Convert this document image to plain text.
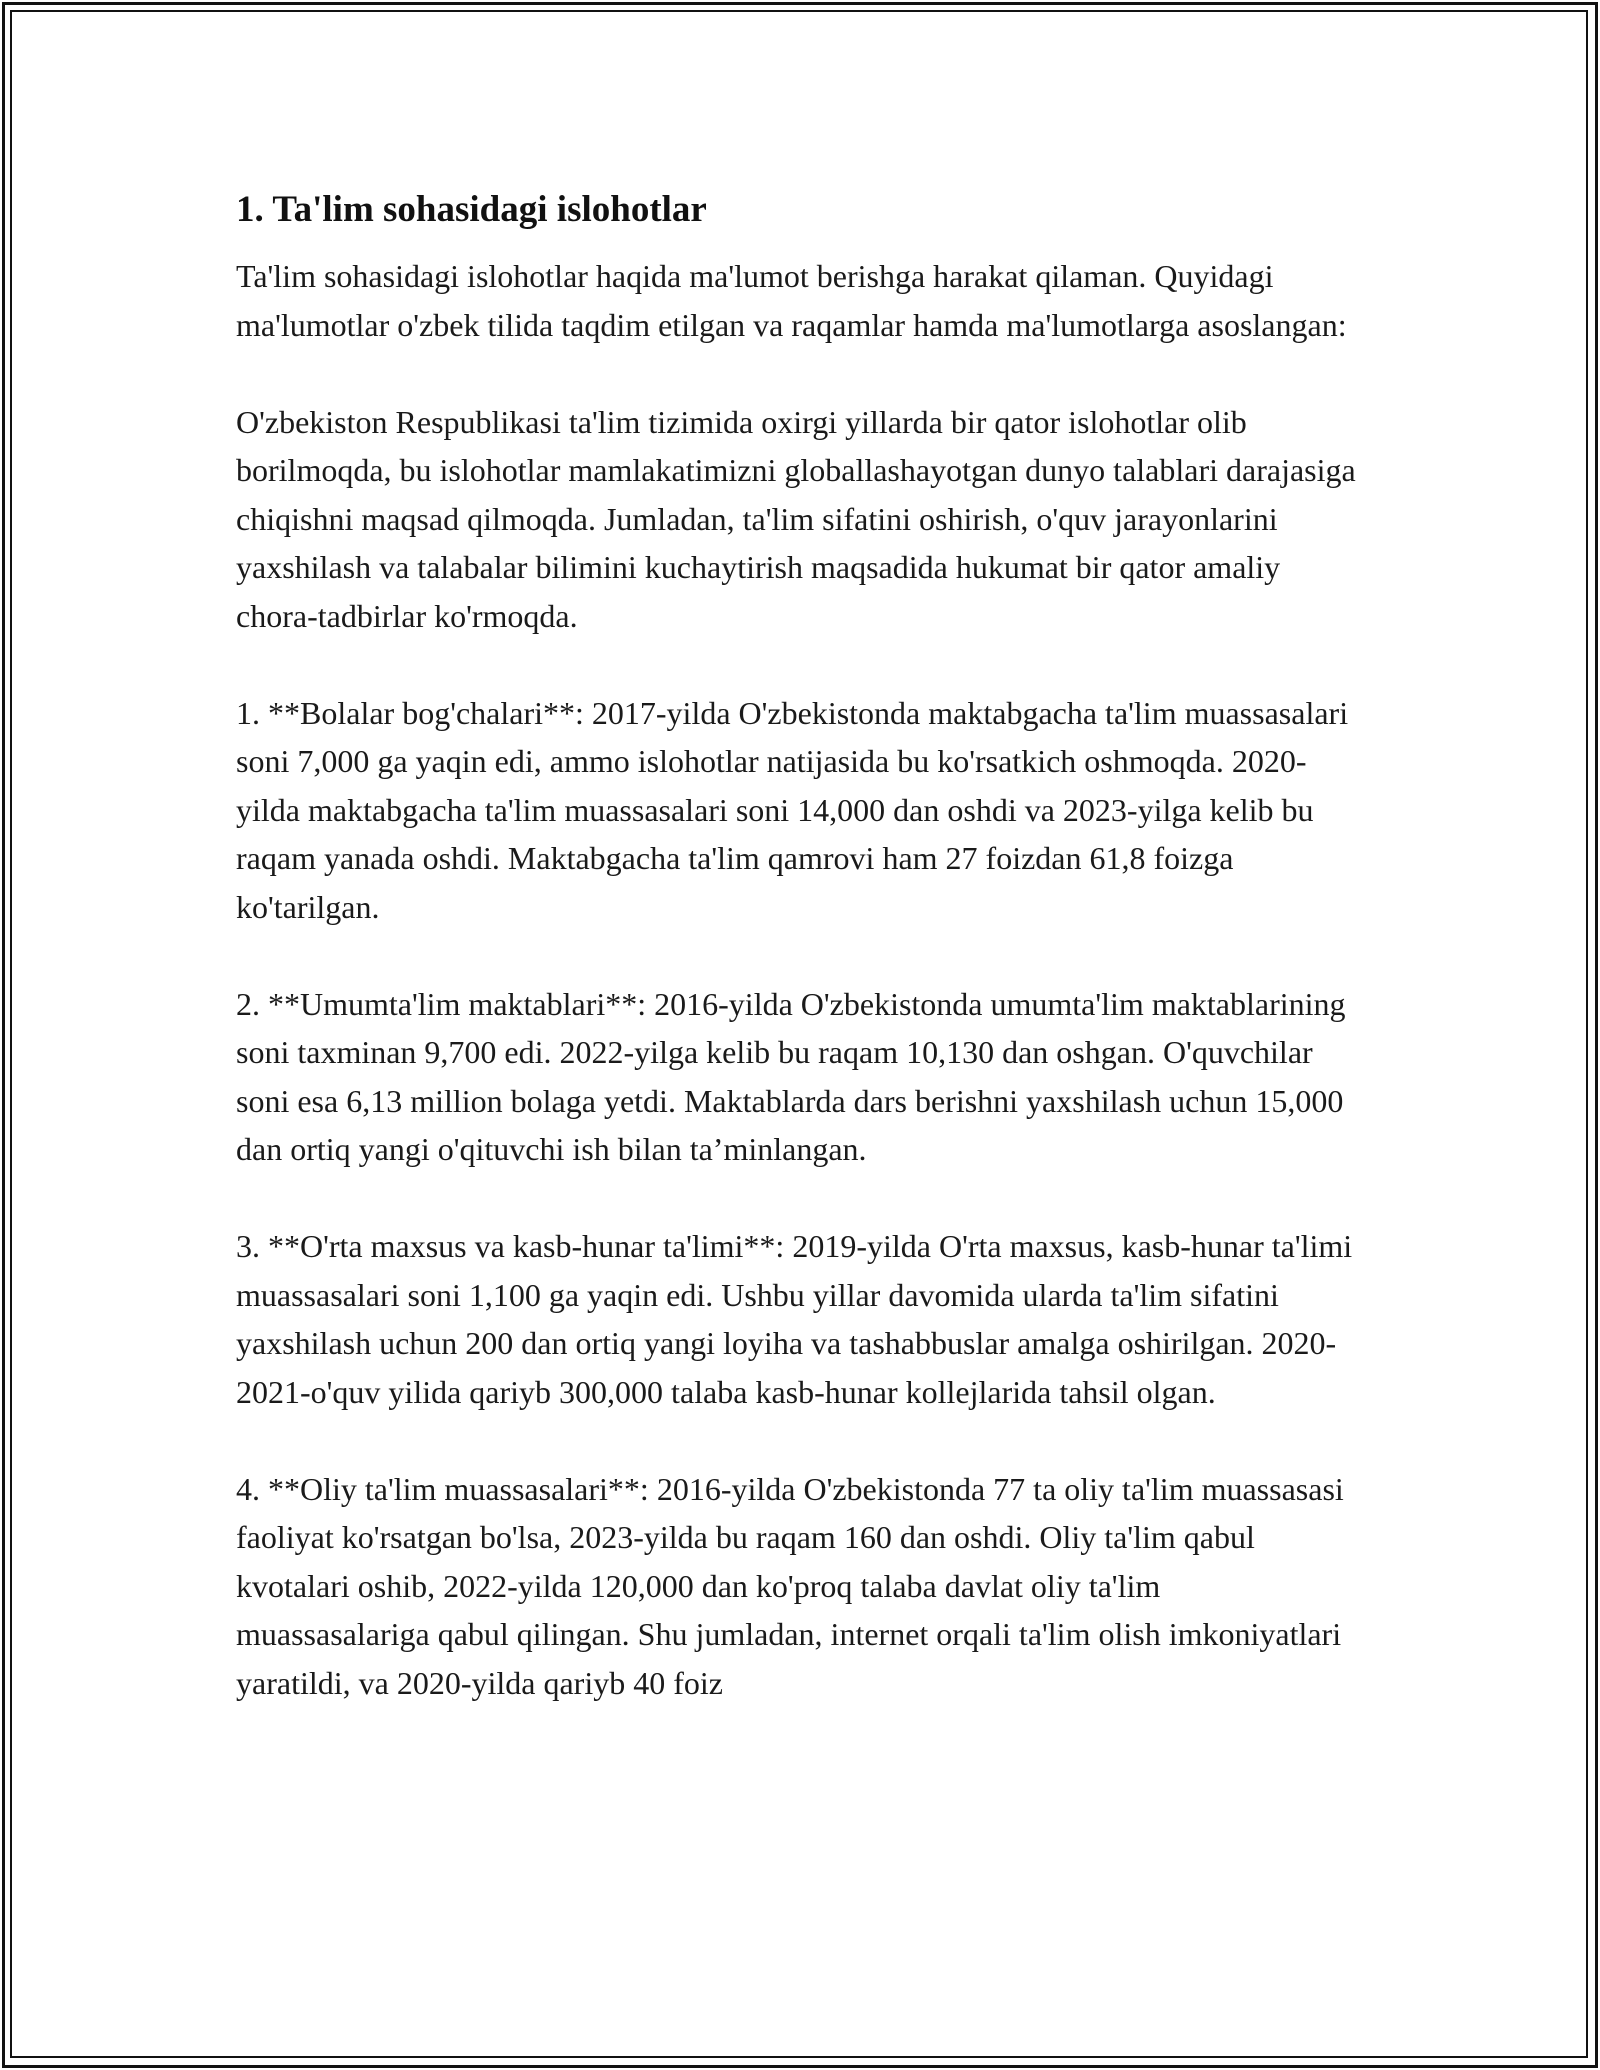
1. Ta'lim sohasidagi islohotlar

Ta'lim sohasidagi islohotlar haqida ma'lumot berishga harakat qilaman. Quyidagi ma'lumotlar o'zbek tilida taqdim etilgan va raqamlar hamda ma'lumotlarga asoslangan:

O'zbekiston Respublikasi ta'lim tizimida oxirgi yillarda bir qator islohotlar olib borilmoqda, bu islohotlar mamlakatimizni globallashayotgan dunyo talablari darajasiga chiqishni maqsad qilmoqda. Jumladan, ta'lim sifatini oshirish, o'quv jarayonlarini yaxshilash va talabalar bilimini kuchaytirish maqsadida hukumat bir qator amaliy chora-tadbirlar ko'rmoqda.

1. **Bolalar bog'chalari**: 2017-yilda O'zbekistonda maktabgacha ta'lim muassasalari soni 7,000 ga yaqin edi, ammo islohotlar natijasida bu ko'rsatkich oshmoqda. 2020-yilda maktabgacha ta'lim muassasalari soni 14,000 dan oshdi va 2023-yilga kelib bu raqam yanada oshdi. Maktabgacha ta'lim qamrovi ham 27 foizdan 61,8 foizga ko'tarilgan.

2. **Umumta'lim maktablari**: 2016-yilda O'zbekistonda umumta'lim maktablarining soni taxminan 9,700 edi. 2022-yilga kelib bu raqam 10,130 dan oshgan. O'quvchilar soni esa 6,13 million bolaga yetdi. Maktablarda dars berishni yaxshilash uchun 15,000 dan ortiq yangi o'qituvchi ish bilan ta’minlangan.

3. **O'rta maxsus va kasb-hunar ta'limi**: 2019-yilda O'rta maxsus, kasb-hunar ta'limi muassasalari soni 1,100 ga yaqin edi. Ushbu yillar davomida ularda ta'lim sifatini yaxshilash uchun 200 dan ortiq yangi loyiha va tashabbuslar amalga oshirilgan. 2020-2021-o'quv yilida qariyb 300,000 talaba kasb-hunar kollejlarida tahsil olgan.

4. **Oliy ta'lim muassasalari**: 2016-yilda O'zbekistonda 77 ta oliy ta'lim muassasasi faoliyat ko'rsatgan bo'lsa, 2023-yilda bu raqam 160 dan oshdi. Oliy ta'lim qabul kvotalari oshib, 2022-yilda 120,000 dan ko'proq talaba davlat oliy ta'lim muassasalariga qabul qilingan. Shu jumladan, internet orqali ta'lim olish imkoniyatlari yaratildi, va 2020-yilda qariyb 40 foiz
